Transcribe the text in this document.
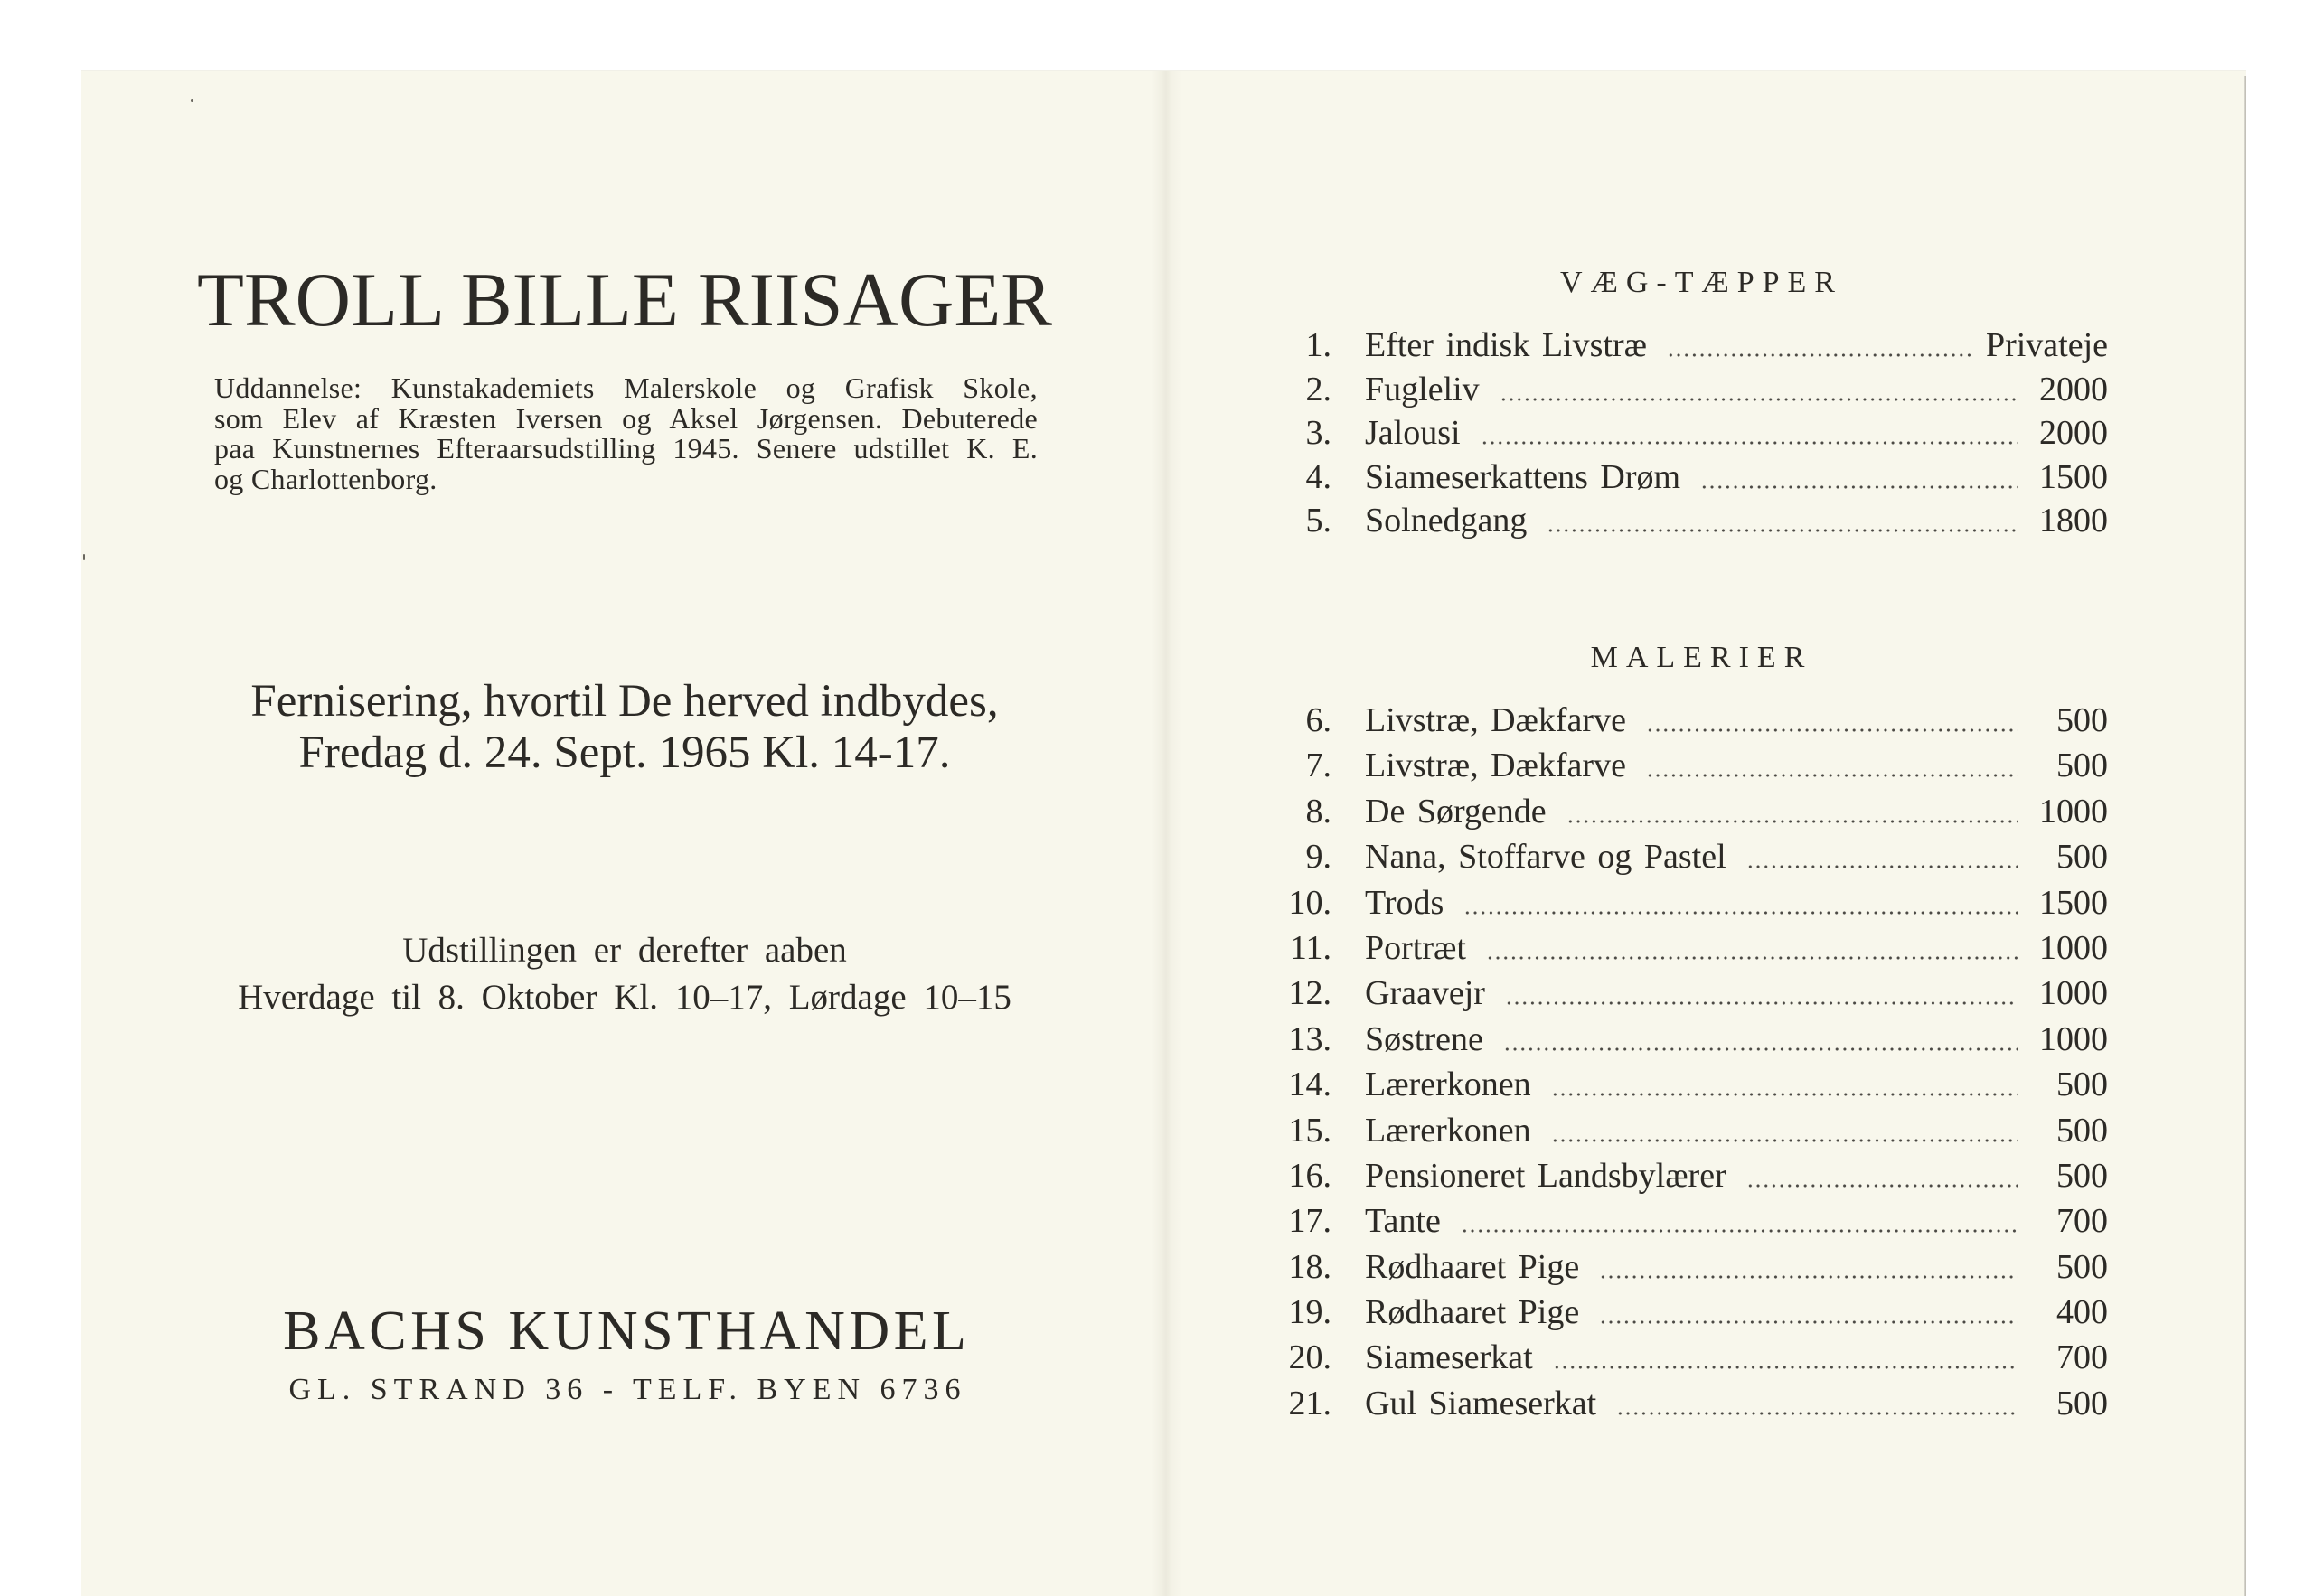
TROLL BILLE RIISAGER
Uddannelse: Kunstakademiets Malerskole og Grafisk Skole,
som Elev af Kræsten Iversen og Aksel Jørgensen. Debuterede
paa Kunstnernes Efteraarsudstilling 1945. Senere udstillet K. E.
og Charlottenborg.
Fernisering, hvortil De herved indbydes,
Fredag d. 24. Sept. 1965 Kl. 14-17.
Udstillingen er derefter aaben
Hverdage til 8. Oktober Kl. 10–17, Lørdage 10–15
BACHS KUNSTHANDEL
GL. STRAND 36 - TELF. BYEN 6736
VÆG-TÆPPER
1. Efter indisk Livstræ	Privateje
2. Fugleliv	2000
3. Jalousi	2000
4. Siameserkattens Drøm	1500
5. Solnedgang	1800
MALERIER
6. Livstræ, Dækfarve	500
7. Livstræ, Dækfarve	500
8. De Sørgende	1000
9. Nana, Stoffarve og Pastel	500
10. Trods	1500
11. Portræt	1000
12. Graavejr	1000
13. Søstrene	1000
14. Lærerkonen	500
15. Lærerkonen	500
16. Pensioneret Landsbylærer	500
17. Tante	700
18. Rødhaaret Pige	500
19. Rødhaaret Pige	400
20. Siameserkat	700
21. Gul Siameserkat	500
